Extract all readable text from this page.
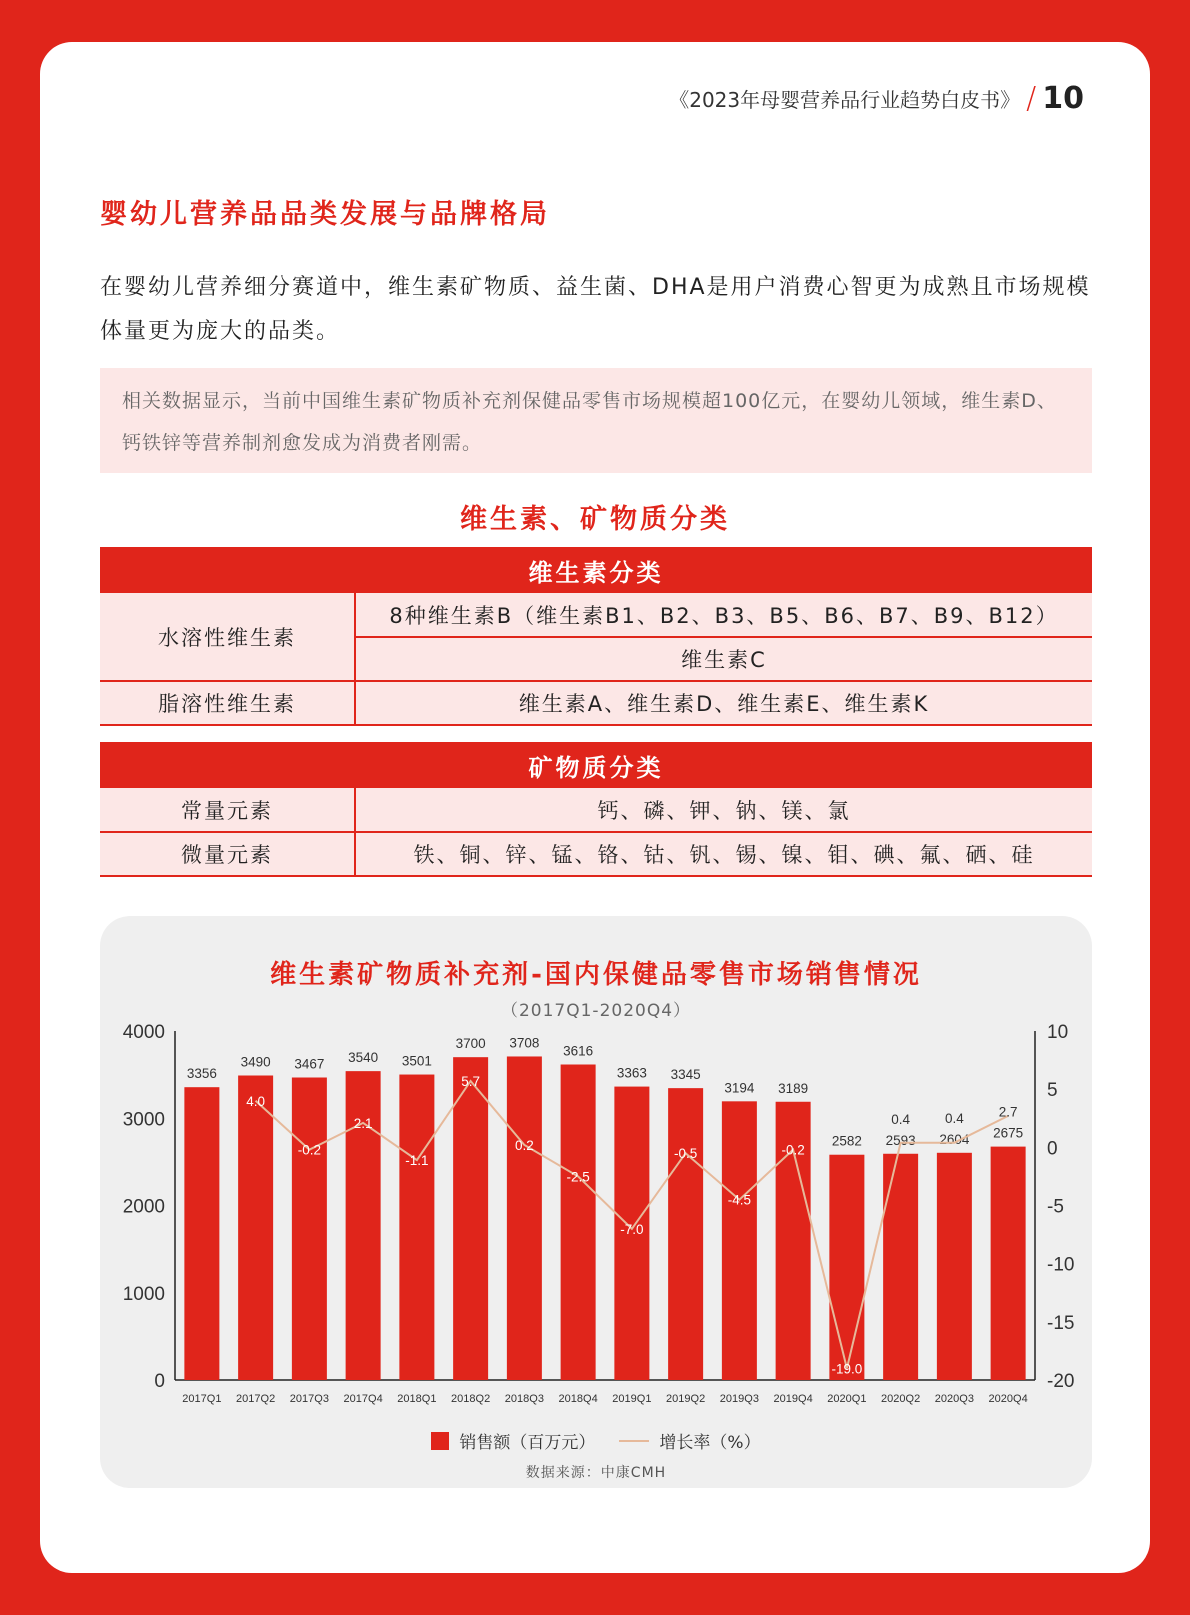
《2023年母婴营养品行业趋势白皮书》 / 10
婴幼儿营养品品类发展与品牌格局
在婴幼儿营养细分赛道中，维生素矿物质、益生菌、DHA是用户消费心智更为成熟且市场规模体量更为庞大的品类。
相关数据显示，当前中国维生素矿物质补充剂保健品零售市场规模超100亿元，在婴幼儿领域，维生素D、钙铁锌等营养制剂愈发成为消费者刚需。
维生素、矿物质分类
维生素分类	
水溶性维生素	8种维生素B（维生素B1、B2、B3、B5、B6、B7、B9、B12）
	维生素C
脂溶性维生素	维生素A、维生素D、维生素E、维生素K
矿物质分类	
常量元素	钙、磷、钾、钠、镁、氯
微量元素	铁、铜、锌、锰、铬、钴、钒、锡、镍、钼、碘、氟、硒、硅
维生素矿物质补充剂-国内保健品零售市场销售情况
（2017Q1-2020Q4）
0
1000
2000
3000
4000
-20
-15
-10
-5
0
5
10
3356
2017Q1
3490
2017Q2
3467
2017Q3
3540
2017Q4
3501
2018Q1
3700
2018Q2
3708
2018Q3
3616
2018Q4
3363
2019Q1
3345
2019Q2
3194
2019Q3
3189
2019Q4
2582
2020Q1
2593
2020Q2
2604
2020Q3
2675
2020Q4
4.0
-0.2
2.1
-1.1
5.7
0.2
-2.5
-7.0
-0.5
-4.5
-0.2
-19.0
0.4	0.4	2.7
销售额（百万元）	增长率（%）
数据来源：中康CMH
